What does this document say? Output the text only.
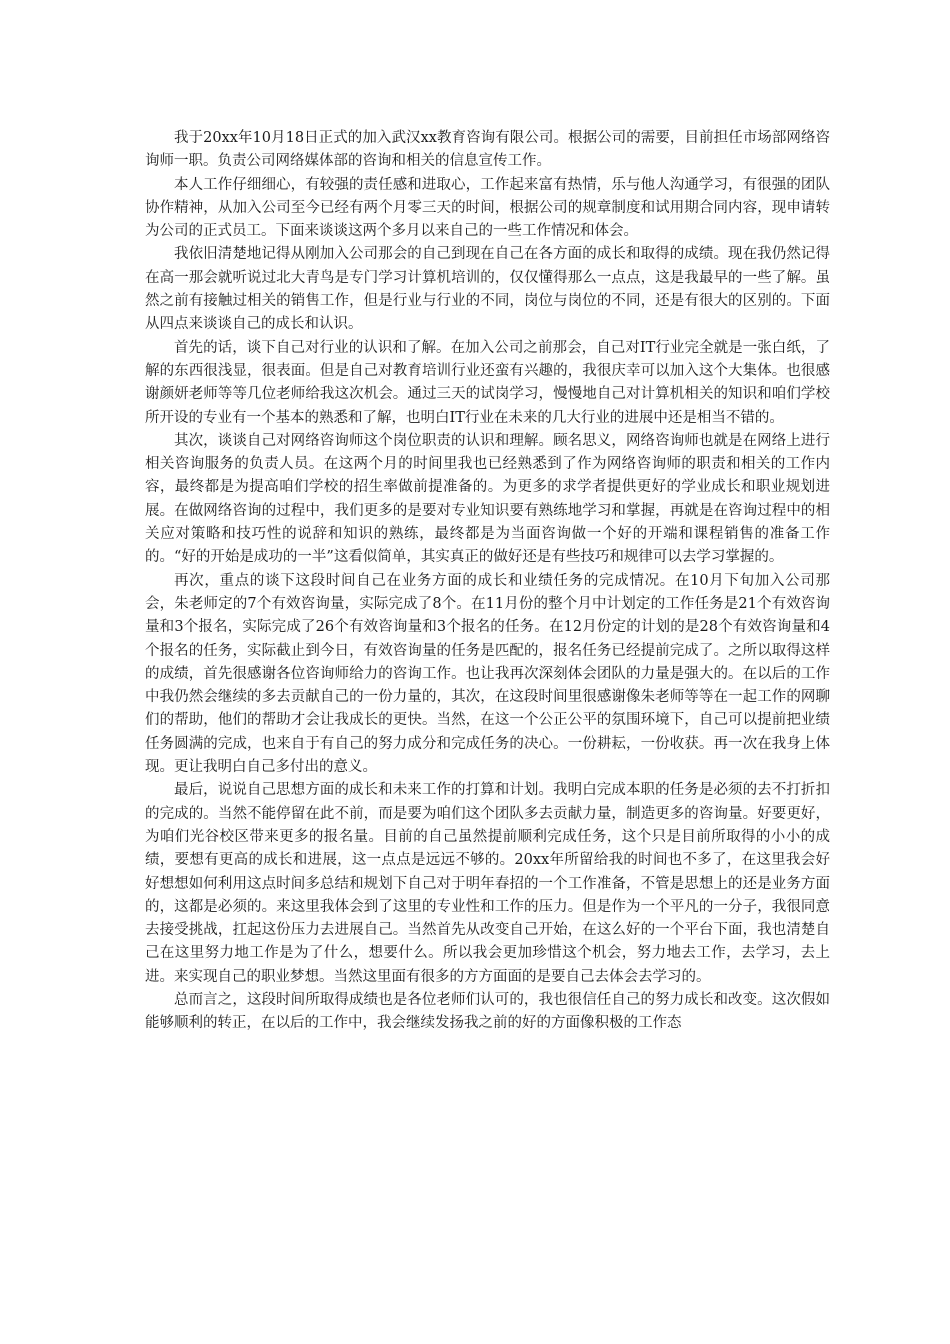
我于20xx年10月18日正式的加入武汉xx教育咨询有限公司。根据公司的需要，目前担任市场部网络咨询师一职。负责公司网络媒体部的咨询和相关的信息宣传工作。

本人工作仔细细心，有较强的责任感和进取心，工作起来富有热情，乐与他人沟通学习，有很强的团队协作精神，从加入公司至今已经有两个月零三天的时间，根据公司的规章制度和试用期合同内容，现申请转为公司的正式员工。下面来谈谈这两个多月以来自己的一些工作情况和体会。

我依旧清楚地记得从刚加入公司那会的自己到现在自己在各方面的成长和取得的成绩。现在我仍然记得在高一那会就听说过北大青鸟是专门学习计算机培训的，仅仅懂得那么一点点，这是我最早的一些了解。虽然之前有接触过相关的销售工作，但是行业与行业的不同，岗位与岗位的不同，还是有很大的区别的。下面从四点来谈谈自己的成长和认识。

首先的话，谈下自己对行业的认识和了解。在加入公司之前那会，自己对IT行业完全就是一张白纸，了解的东西很浅显，很表面。但是自己对教育培训行业还蛮有兴趣的，我很庆幸可以加入这个大集体。也很感谢颜妍老师等等几位老师给我这次机会。通过三天的试岗学习，慢慢地自己对计算机相关的知识和咱们学校所开设的专业有一个基本的熟悉和了解，也明白IT行业在未来的几大行业的进展中还是相当不错的。

其次，谈谈自己对网络咨询师这个岗位职责的认识和理解。顾名思义，网络咨询师也就是在网络上进行相关咨询服务的负责人员。在这两个月的时间里我也已经熟悉到了作为网络咨询师的职责和相关的工作内容，最终都是为提高咱们学校的招生率做前提准备的。为更多的求学者提供更好的学业成长和职业规划进展。在做网络咨询的过程中，我们更多的是要对专业知识要有熟练地学习和掌握，再就是在咨询过程中的相关应对策略和技巧性的说辞和知识的熟练，最终都是为当面咨询做一个好的开端和课程销售的准备工作的。“好的开始是成功的一半”这看似简单，其实真正的做好还是有些技巧和规律可以去学习掌握的。

再次，重点的谈下这段时间自己在业务方面的成长和业绩任务的完成情况。在10月下旬加入公司那会，朱老师定的7个有效咨询量，实际完成了8个。在11月份的整个月中计划定的工作任务是21个有效咨询量和3个报名，实际完成了26个有效咨询量和3个报名的任务。在12月份定的计划的是28个有效咨询量和4个报名的任务，实际截止到今日，有效咨询量的任务是匹配的，报名任务已经提前完成了。之所以取得这样的成绩，首先很感谢各位咨询师给力的咨询工作。也让我再次深刻体会团队的力量是强大的。在以后的工作中我仍然会继续的多去贡献自己的一份力量的，其次，在这段时间里很感谢像朱老师等等在一起工作的网聊们的帮助，他们的帮助才会让我成长的更快。当然，在这一个公正公平的氛围环境下，自己可以提前把业绩任务圆满的完成，也来自于有自己的努力成分和完成任务的决心。一份耕耘，一份收获。再一次在我身上体现。更让我明白自己多付出的意义。

最后，说说自己思想方面的成长和未来工作的打算和计划。我明白完成本职的任务是必须的去不打折扣的完成的。当然不能停留在此不前，而是要为咱们这个团队多去贡献力量，制造更多的咨询量。好要更好，为咱们光谷校区带来更多的报名量。目前的自己虽然提前顺利完成任务，这个只是目前所取得的小小的成绩，要想有更高的成长和进展，这一点点是远远不够的。20xx年所留给我的时间也不多了，在这里我会好好想想如何利用这点时间多总结和规划下自己对于明年春招的一个工作准备，不管是思想上的还是业务方面的，这都是必须的。来这里我体会到了这里的专业性和工作的压力。但是作为一个平凡的一分子，我很同意去接受挑战，扛起这份压力去进展自己。当然首先从改变自己开始，在这么好的一个平台下面，我也清楚自己在这里努力地工作是为了什么，想要什么。所以我会更加珍惜这个机会，努力地去工作，去学习，去上进。来实现自己的职业梦想。当然这里面有很多的方方面面的是要自己去体会去学习的。

总而言之，这段时间所取得成绩也是各位老师们认可的，我也很信任自己的努力成长和改变。这次假如能够顺利的转正，在以后的工作中，我会继续发扬我之前的好的方面像积极的工作态
